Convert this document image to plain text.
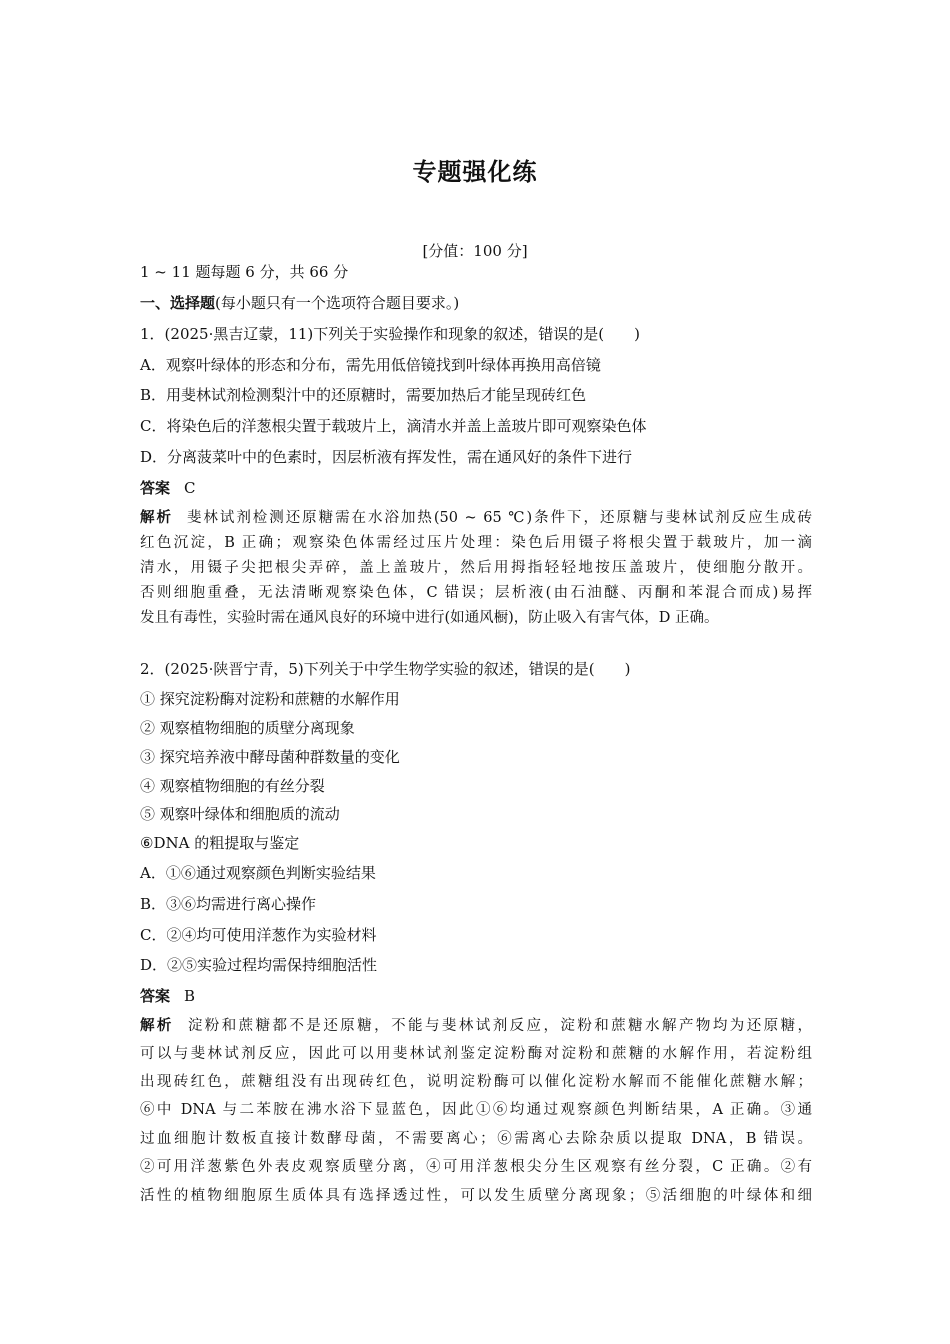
专题强化练
[分值：100 分]
1 ~ 11 题每题 6 分，共 66 分
一、选择题(每小题只有一个选项符合题目要求。)
1．(2025·黑吉辽蒙，11)下列关于实验操作和现象的叙述，错误的是(　　)
A．观察叶绿体的形态和分布，需先用低倍镜找到叶绿体再换用高倍镜
B．用斐林试剂检测梨汁中的还原糖时，需要加热后才能呈现砖红色
C．将染色后的洋葱根尖置于载玻片上，滴清水并盖上盖玻片即可观察染色体
D．分离菠菜叶中的色素时，因层析液有挥发性，需在通风好的条件下进行
答案 C
解析 斐林试剂检测还原糖需在水浴加热(50 ~ 65 ℃)条件下，还原糖与斐林试剂反应生成砖
红色沉淀，B 正确；观察染色体需经过压片处理：染色后用镊子将根尖置于载玻片，加一滴
清水，用镊子尖把根尖弄碎，盖上盖玻片，然后用拇指轻轻地按压盖玻片，使细胞分散开。
否则细胞重叠，无法清晰观察染色体，C 错误；层析液(由石油醚、丙酮和苯混合而成)易挥
发且有毒性，实验时需在通风良好的环境中进行(如通风橱)，防止吸入有害气体，D 正确。
2．(2025·陕晋宁青，5)下列关于中学生物学实验的叙述，错误的是(　　)
① 探究淀粉酶对淀粉和蔗糖的水解作用
② 观察植物细胞的质壁分离现象
③ 探究培养液中酵母菌种群数量的变化
④ 观察植物细胞的有丝分裂
⑤ 观察叶绿体和细胞质的流动
⑥DNA 的粗提取与鉴定
A．①⑥通过观察颜色判断实验结果
B．③⑥均需进行离心操作
C．②④均可使用洋葱作为实验材料
D．②⑤实验过程均需保持细胞活性
答案 B
解析 淀粉和蔗糖都不是还原糖，不能与斐林试剂反应，淀粉和蔗糖水解产物均为还原糖，
可以与斐林试剂反应，因此可以用斐林试剂鉴定淀粉酶对淀粉和蔗糖的水解作用，若淀粉组
出现砖红色，蔗糖组没有出现砖红色，说明淀粉酶可以催化淀粉水解而不能催化蔗糖水解；
⑥中 DNA 与二苯胺在沸水浴下显蓝色，因此①⑥均通过观察颜色判断结果，A 正确。③通
过血细胞计数板直接计数酵母菌，不需要离心；⑥需离心去除杂质以提取 DNA，B 错误。
②可用洋葱紫色外表皮观察质壁分离，④可用洋葱根尖分生区观察有丝分裂，C 正确。②有
活性的植物细胞原生质体具有选择透过性，可以发生质壁分离现象；⑤活细胞的叶绿体和细
